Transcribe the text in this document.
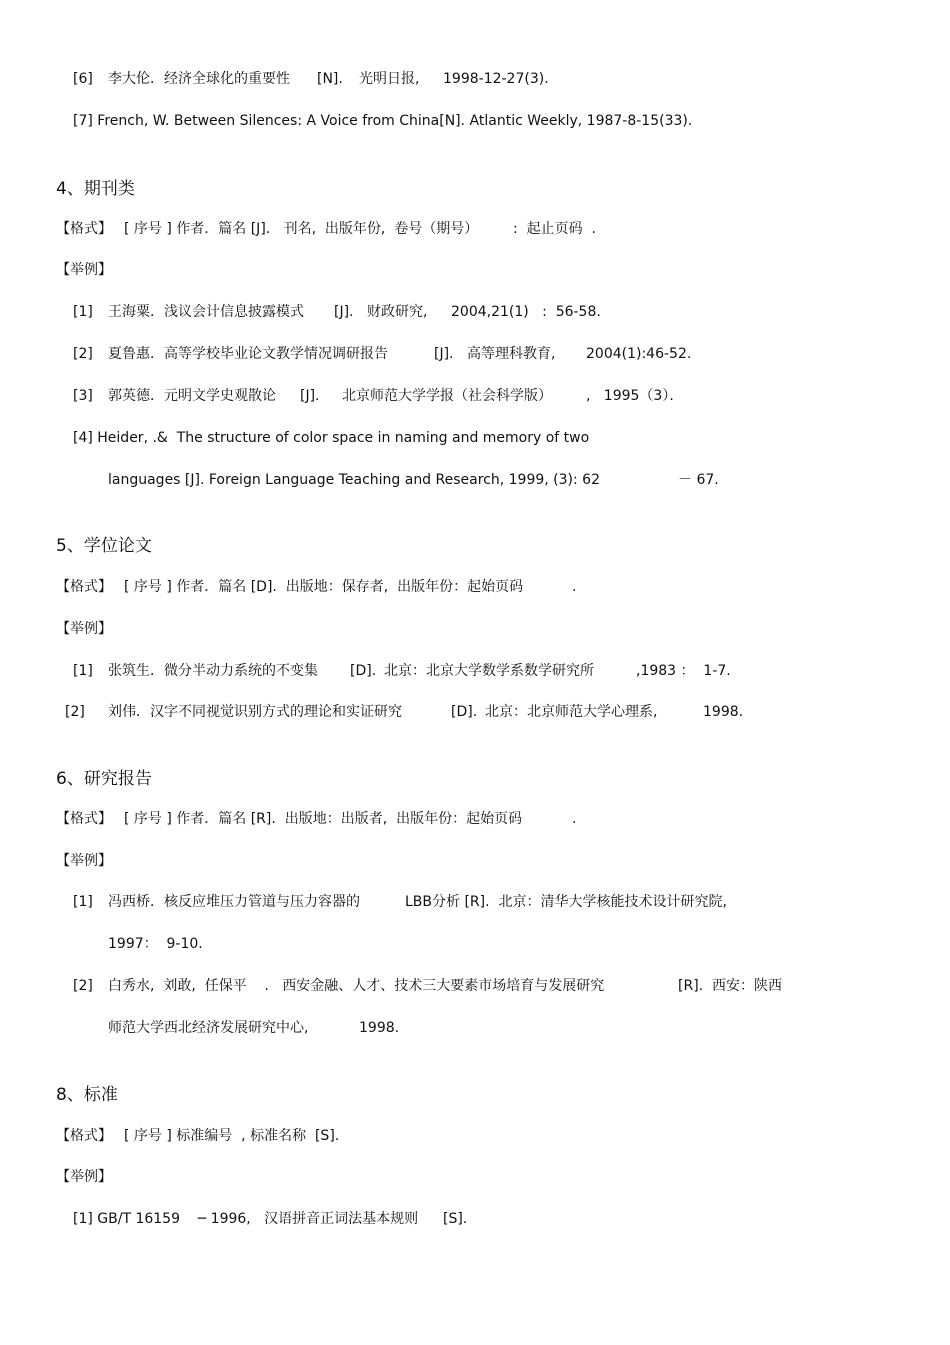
[6]

李大伦．经济全球化的重要性

[N].

光明日报,

1998-12-27(3).

[7] French, W. Between Silences: A Voice from China[N]. Atlantic Weekly, 1987-8-15(33).

4、期刊类

【格式】

[ 序号 ] 作者．篇名 [J].   刊名,  出版年份,  卷号（期号）

:  起止页码  .

【举例】

[1]

王海粟．浅议会计信息披露模式

[J].

财政研究,

2004,21(1)   :  56-58.

[2]

夏鲁惠．高等学校毕业论文教学情况调研报告

	[J].

高等理科教育,

2004(1):46-52.

[3]

郭英德．元明文学史观散论

[J].

北京师范大学学报（社会科学版）

,   1995（3）．

[4] Heider, .&  The structure of color space in naming and memory of two

languages [J]. Foreign Language Teaching and Research, 1999, (3): 62

	－ 67.

5、学位论文

【格式】

[ 序号 ] 作者．篇名 [D].  出版地：保存者,  出版年份：起始页码

	.

【举例】

[1]

张筑生．微分半动力系统的不变集

[D].

北京：北京大学数学系数学研究所

	,1983 ：  1-7.

[2]

刘伟．汉字不同视觉识别方式的理论和实证研究

	[D].

北京：北京师范大学心理系,

	1998.

6、研究报告

【格式】

[ 序号 ] 作者．篇名 [R].  出版地：出版者,  出版年份：起始页码

	.

【举例】

[1]

冯西桥．核反应堆压力管道与压力容器的

	LBB分析 [R].  北京：清华大学核能技术设计研究院,

1997：  9-10.

[2]

白秀水,  刘敢,  任保平    .   西安金融、人才、技术三大要素市场培育与发展研究

	[R].  西安：陕西

师范大学西北经济发展研究中心,

	1998.

8、标准

【格式】

[ 序号 ] 标准编号  , 标准名称  [S].

【举例】

[1] GB/T 16159    ─ 1996,   汉语拼音正词法基本规则

[S].
